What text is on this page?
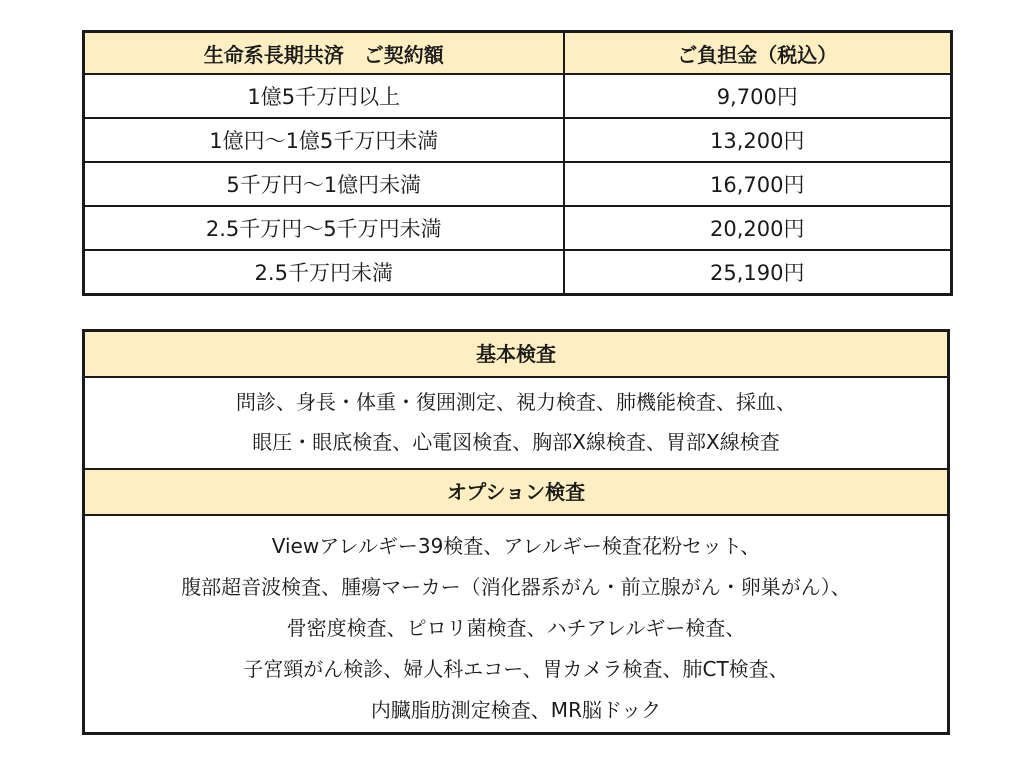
生命系長期共済　ご契約額	ご負担金（税込）
1億5千万円以上	9,700円
1億円～1億5千万円未満	13,200円
5千万円～1億円未満	16,700円
2.5千万円～5千万円未満	20,200円
2.5千万円未満	25,190円
基本検査
問診、身長・体重・復囲測定、視力検査、肺機能検査、採血、
眼圧・眼底検査、心電図検査、胸部X線検査、胃部X線検査
オプション検査
Viewアレルギー39検査、アレルギー検査花粉セット、
腹部超音波検査、腫瘍マーカー（消化器系がん・前立腺がん・卵巣がん）、
骨密度検査、ピロリ菌検査、ハチアレルギー検査、
子宮頸がん検診、婦人科エコー、胃カメラ検査、肺CT検査、
内臓脂肪測定検査、MR脳ドック
